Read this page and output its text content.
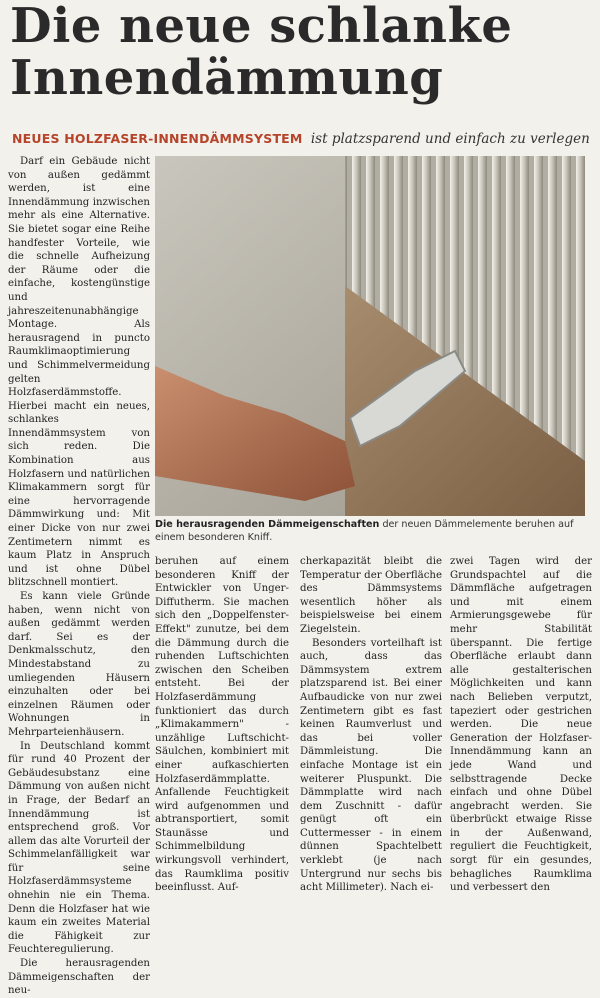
Die neue schlanke
Innendämmung
NEUES HOLZFASER-INNENDÄMMSYSTEM ist platzsparend und einfach zu verlegen

Darf ein Gebäude nicht von außen gedämmt werden, ist eine Innendämmung inzwischen mehr als eine Alternative. Sie bietet sogar eine Reihe handfester Vorteile, wie die schnelle Aufheizung der Räume oder die einfache, kostengünstige und jahreszeitenunabhängige Montage. Als herausragend in puncto Raumklimaoptimierung und Schimmelvermeidung gelten Holzfaserdämmstoffe. Hierbei macht ein neues, schlankes Innendämmsystem von sich reden. Die Kombination aus Holzfasern und natürlichen Klimakammern sorgt für eine hervorragende Dämmwirkung und: Mit einer Dicke von nur zwei Zentimetern nimmt es kaum Platz in Anspruch und ist ohne Dübel blitzschnell montiert.

Es kann viele Gründe haben, wenn nicht von außen gedämmt werden darf. Sei es der Denkmalsschutz, den Mindestabstand zu umliegenden Häusern einzuhalten oder bei einzelnen Räumen oder Wohnungen in Mehrparteienhäusern.

In Deutschland kommt für rund 40 Prozent der Gebäudesubstanz eine Dämmung von außen nicht in Frage, der Bedarf an Innendämmung ist entsprechend groß. Vor allem das alte Vorurteil der Schimmelanfälligkeit war für seine Holzfaserdämmsysteme ohnehin nie ein Thema. Denn die Holzfaser hat wie kaum ein zweites Material die Fähigkeit zur Feuchteregulierung.

Die herausragenden Dämmeigenschaften der neu-

Die herausragenden Dämmeigenschaften der neuen Dämmelemente beruhen auf einem besonderen Kniff.

beruhen auf einem besonderen Kniff der Entwickler von Unger-Diffutherm. Sie machen sich den „Doppelfenster-Effekt" zunutze, bei dem die Dämmung durch die ruhenden Luftschichten zwischen den Scheiben entsteht. Bei der Holzfaserdämmung funktioniert das durch „Klimakammern" - unzählige Luftschicht-Säulchen, kombiniert mit einer aufkaschierten Holzfaserdämmplatte. Anfallende Feuchtigkeit wird aufgenommen und abtransportiert, somit Staunässe und Schimmelbildung wirkungsvoll verhindert, das Raumklima positiv beeinflusst. Auf-

cherkapazität bleibt die Temperatur der Oberfläche des Dämmsystems wesentlich höher als beispielsweise bei einem Ziegelstein.

Besonders vorteilhaft ist auch, dass das Dämmsystem extrem platzsparend ist. Bei einer Aufbaudicke von nur zwei Zentimetern gibt es fast keinen Raumverlust und das bei voller Dämmleistung. Die einfache Montage ist ein weiterer Pluspunkt. Die Dämmplatte wird nach dem Zuschnitt - dafür genügt oft ein Cuttermesser - in einem dünnen Spachtelbett verklebt (je nach Untergrund nur sechs bis acht Millimeter). Nach ei-

zwei Tagen wird der Grundspachtel auf die Dämmfläche aufgetragen und mit einem Armierungsgewebe für mehr Stabilität überspannt. Die fertige Oberfläche erlaubt dann alle gestalterischen Möglichkeiten und kann nach Belieben verputzt, tapeziert oder gestrichen werden. Die neue Generation der Holzfaser-Innendämmung kann an jede Wand und selbsttragende Decke einfach und ohne Dübel angebracht werden. Sie überbrückt etwaige Risse in der Außenwand, reguliert die Feuchtigkeit, sorgt für ein gesundes, behagliches Raumklima und verbessert den
